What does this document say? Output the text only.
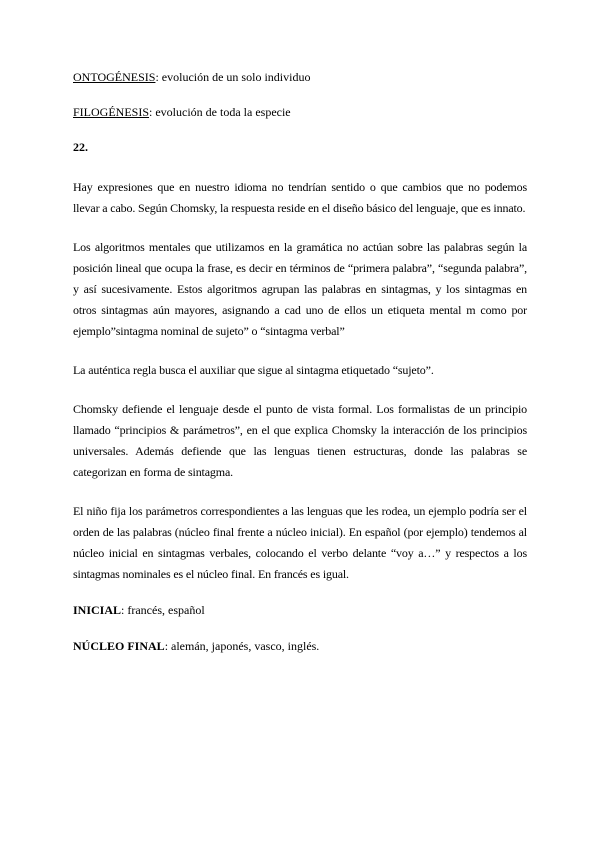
ONTOGÉNESIS: evolución de un solo individuo
FILOGÉNESIS: evolución de toda la especie
22.

Hay expresiones que en nuestro idioma no tendrían sentido o que cambios que no podemos llevar a cabo. Según Chomsky, la respuesta reside en el diseño básico del lenguaje, que es innato.

Los algoritmos mentales que utilizamos en la gramática no actúan sobre las palabras según la posición lineal que ocupa la frase, es decir en términos de “primera palabra”, “segunda palabra”, y así sucesivamente. Estos algoritmos agrupan las palabras en sintagmas, y los sintagmas en otros sintagmas aún mayores, asignando a cad uno de ellos un etiqueta mental m como por ejemplo”sintagma nominal de sujeto” o “sintagma verbal”

La auténtica regla busca el auxiliar que sigue al sintagma etiquetado “sujeto”.

Chomsky defiende el lenguaje desde el punto de vista formal. Los formalistas de un principio llamado “principios & parámetros”, en el que explica Chomsky la interacción de los principios universales. Además defiende que las lenguas tienen estructuras, donde las palabras se categorizan en forma de sintagma.

El niño fija los parámetros correspondientes a las lenguas que les rodea, un ejemplo podría ser el orden de las palabras (núcleo final frente a núcleo inicial). En español (por ejemplo) tendemos al núcleo inicial en sintagmas verbales, colocando el verbo delante “voy a…” y respectos a los sintagmas nominales es el núcleo final. En francés es igual.

INICIAL: francés, español
NÚCLEO FINAL: alemán, japonés, vasco, inglés.
